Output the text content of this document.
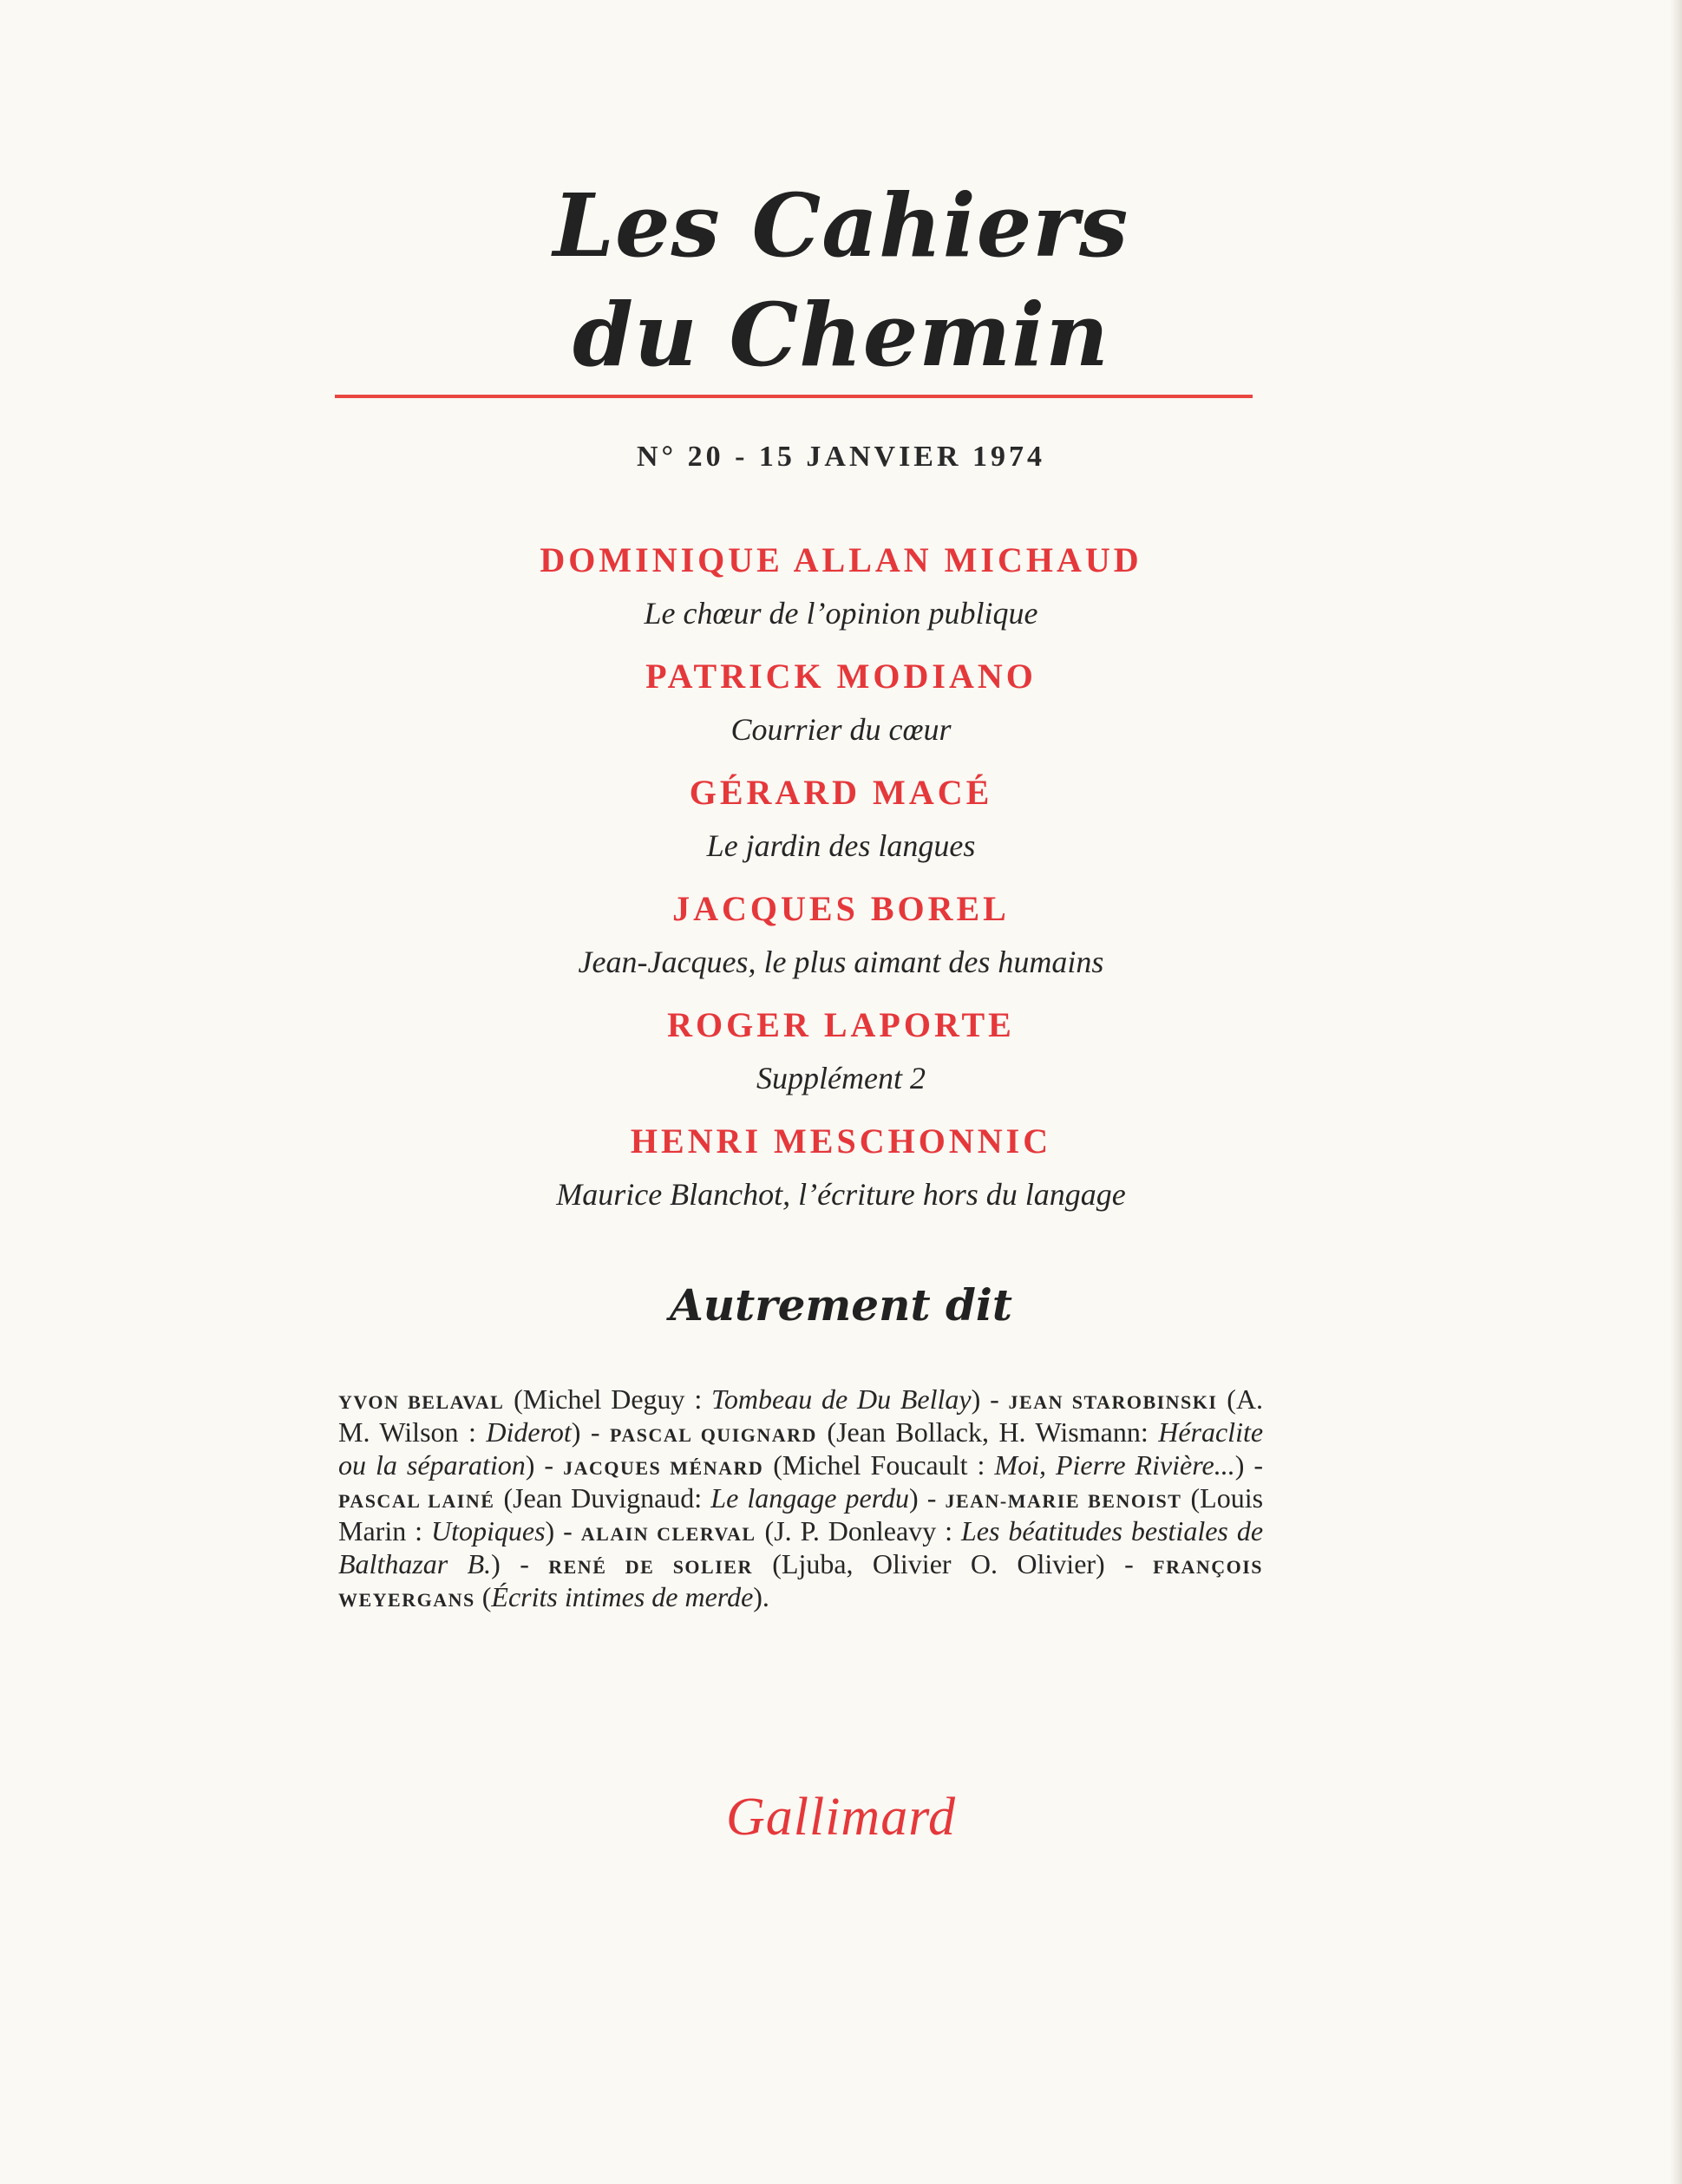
Les Cahiers
du Chemin
N° 20 - 15 JANVIER 1974
DOMINIQUE ALLAN MICHAUD
Le chœur de l’opinion publique
PATRICK MODIANO
Courrier du cœur
GÉRARD MACÉ
Le jardin des langues
JACQUES BOREL
Jean-Jacques, le plus aimant des humains
ROGER LAPORTE
Supplément 2
HENRI MESCHONNIC
Maurice Blanchot, l’écriture hors du langage
Autrement dit
YVON BELAVAL (Michel Deguy : Tombeau de Du Bellay) - JEAN STAROBINSKI (A. M. Wilson : Diderot) - PASCAL QUIGNARD (Jean Bollack, H. Wismann: Héraclite ou la séparation) - JACQUES MÉNARD (Michel Foucault : Moi, Pierre Rivière...) - PASCAL LAINÉ (Jean Duvignaud: Le langage perdu) - JEAN-MARIE BENOIST (Louis Marin : Utopiques) - ALAIN CLERVAL (J. P. Donleavy : Les béatitudes bestiales de Balthazar B.) - RENÉ DE SOLIER (Ljuba, Olivier O. Olivier) - FRANÇOIS WEYERGANS (Écrits intimes de merde).
Gallimard
